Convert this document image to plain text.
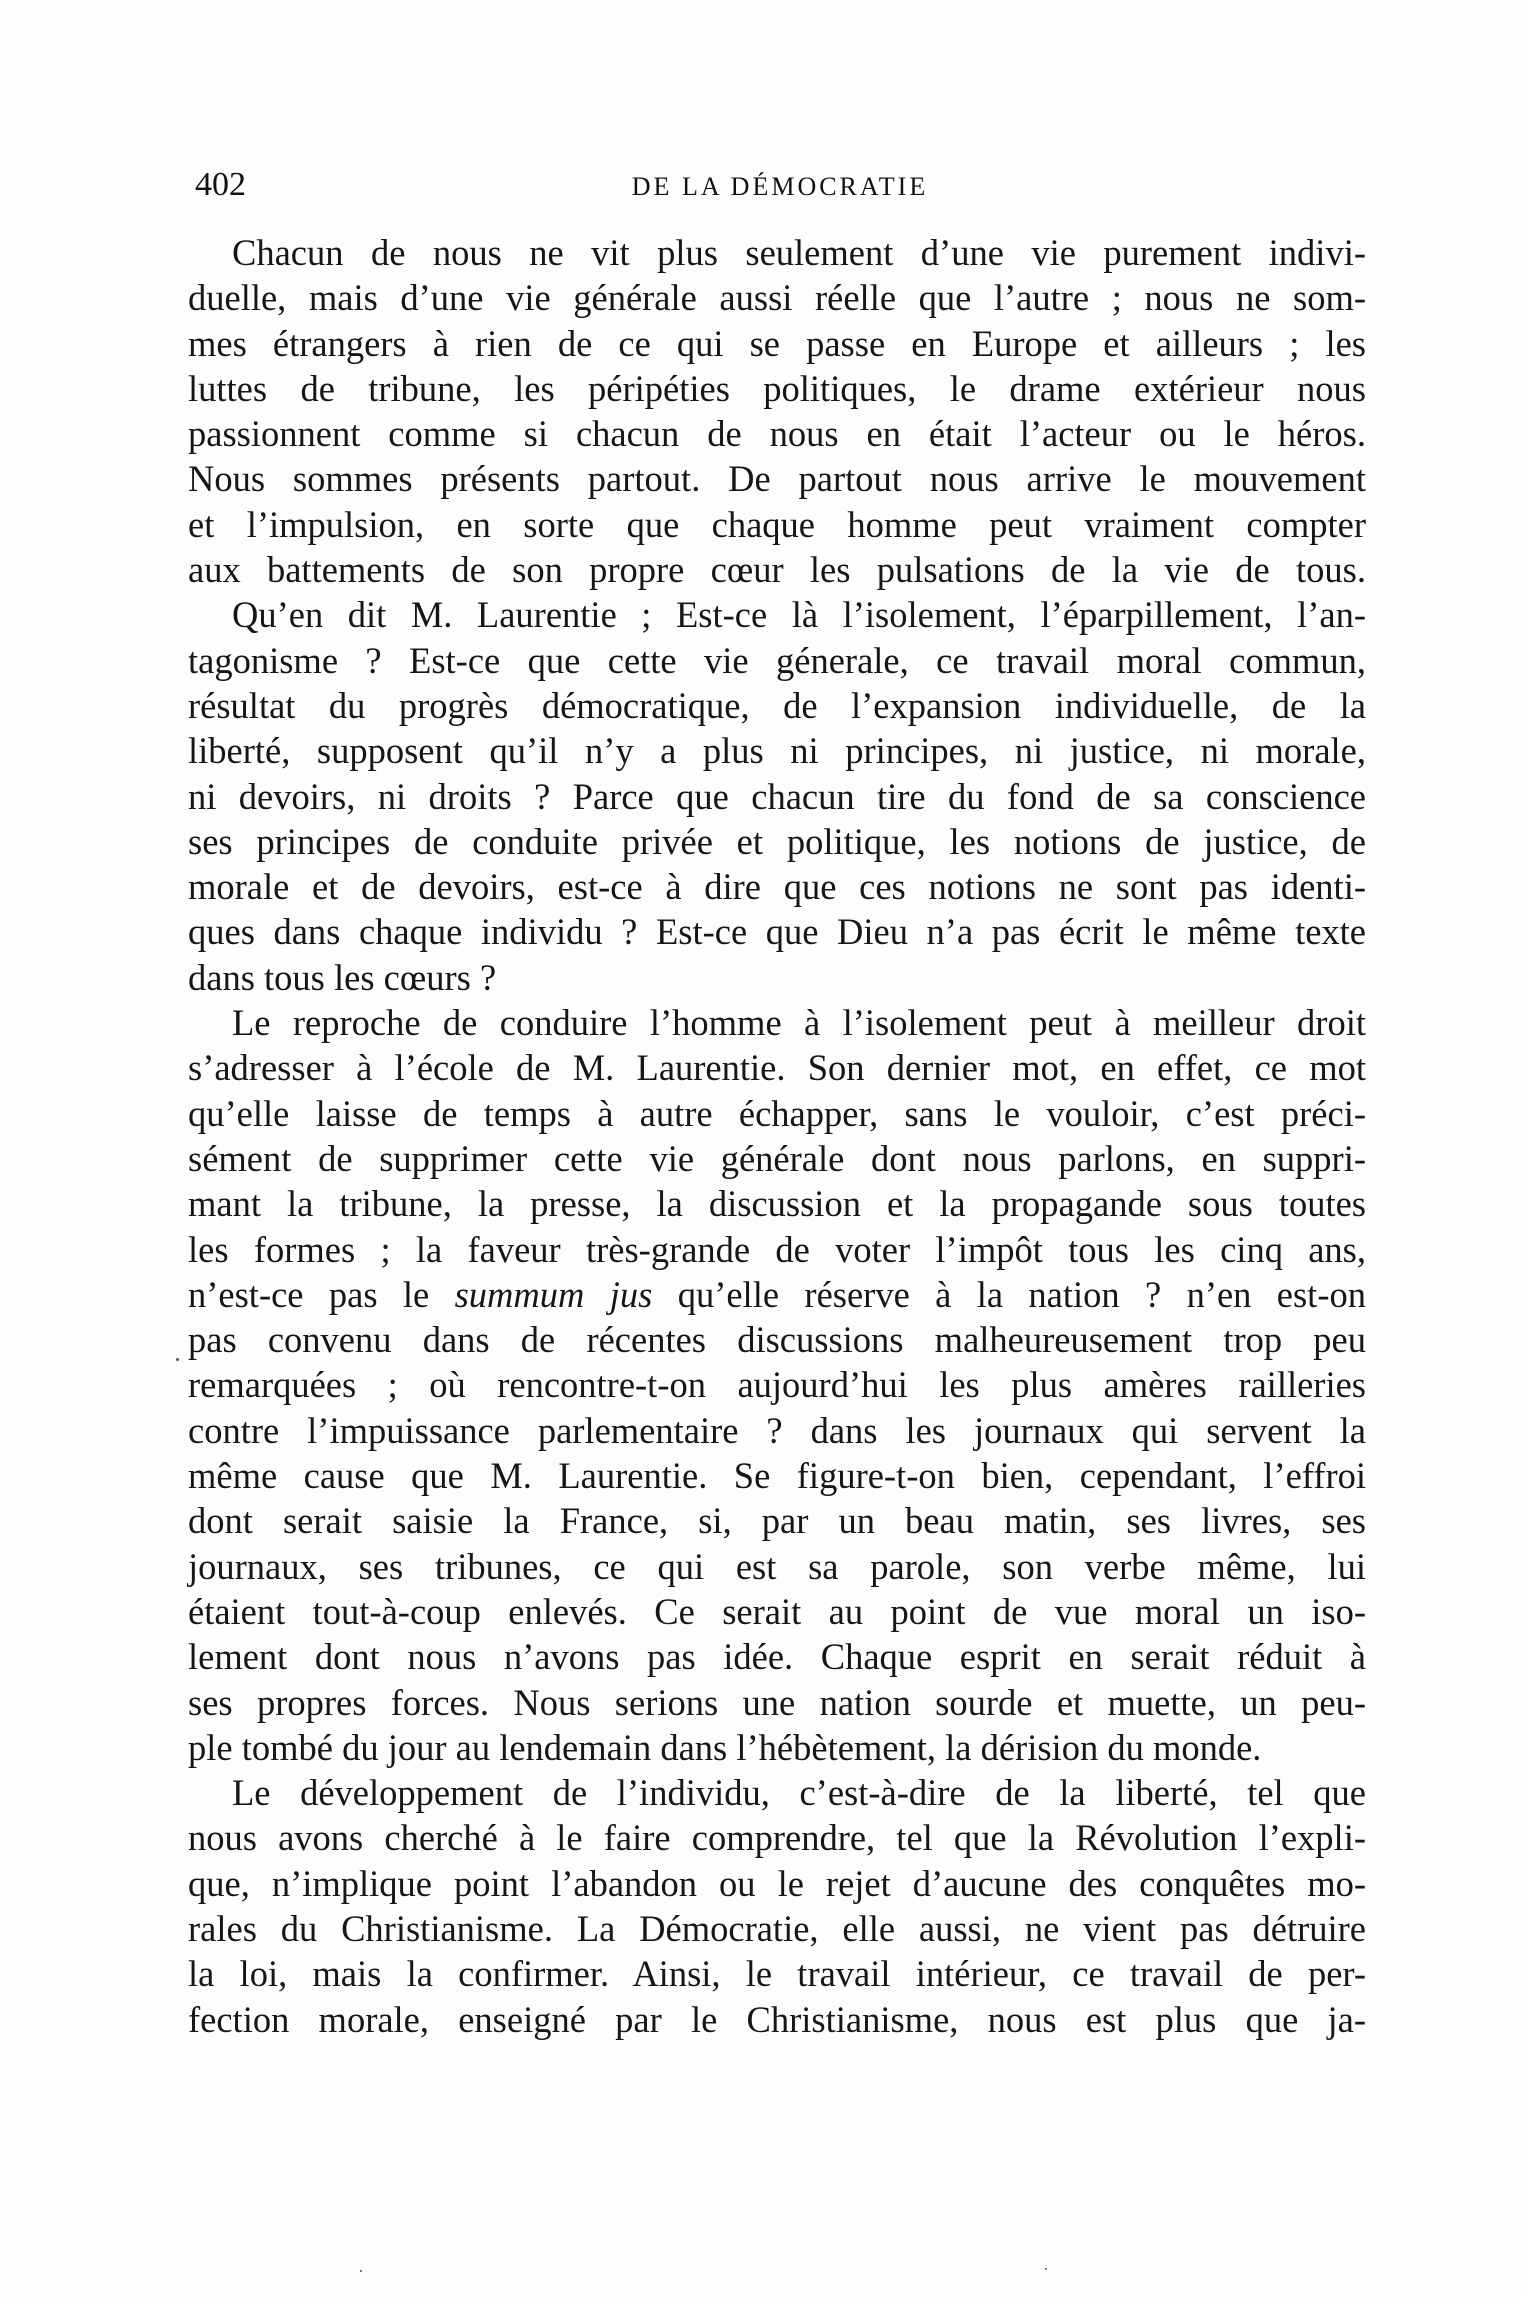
402	DE LA DÉMOCRATIE
Chacun de nous ne vit plus seulement d’une vie purement indivi-
duelle, mais d’une vie générale aussi réelle que l’autre ; nous ne som-
mes étrangers à rien de ce qui se passe en Europe et ailleurs ; les
luttes de tribune, les péripéties politiques, le drame extérieur nous
passionnent comme si chacun de nous en était l’acteur ou le héros.
Nous sommes présents partout. De partout nous arrive le mouvement
et l’impulsion, en sorte que chaque homme peut vraiment compter
aux battements de son propre cœur les pulsations de la vie de tous.
Qu’en dit M. Laurentie ; Est-ce là l’isolement, l’éparpillement, l’an-
tagonisme ? Est-ce que cette vie génerale, ce travail moral commun,
résultat du progrès démocratique, de l’expansion individuelle, de la
liberté, supposent qu’il n’y a plus ni principes, ni justice, ni morale,
ni devoirs, ni droits ? Parce que chacun tire du fond de sa conscience
ses principes de conduite privée et politique, les notions de justice, de
morale et de devoirs, est-ce à dire que ces notions ne sont pas identi-
ques dans chaque individu ? Est-ce que Dieu n’a pas écrit le même texte
dans tous les cœurs ?
Le reproche de conduire l’homme à l’isolement peut à meilleur droit
s’adresser à l’école de M. Laurentie. Son dernier mot, en effet, ce mot
qu’elle laisse de temps à autre échapper, sans le vouloir, c’est préci-
sément de supprimer cette vie générale dont nous parlons, en suppri-
mant la tribune, la presse, la discussion et la propagande sous toutes
les formes ; la faveur très-grande de voter l’impôt tous les cinq ans,
n’est-ce pas le summum jus qu’elle réserve à la nation ? n’en est-on
pas convenu dans de récentes discussions malheureusement trop peu
remarquées ; où rencontre-t-on aujourd’hui les plus amères railleries
contre l’impuissance parlementaire ? dans les journaux qui servent la
même cause que M. Laurentie. Se figure-t-on bien, cependant, l’effroi
dont serait saisie la France, si, par un beau matin, ses livres, ses
journaux, ses tribunes, ce qui est sa parole, son verbe même, lui
étaient tout-à-coup enlevés. Ce serait au point de vue moral un iso-
lement dont nous n’avons pas idée. Chaque esprit en serait réduit à
ses propres forces. Nous serions une nation sourde et muette, un peu-
ple tombé du jour au lendemain dans l’hébètement, la dérision du monde.
Le développement de l’individu, c’est-à-dire de la liberté, tel que
nous avons cherché à le faire comprendre, tel que la Révolution l’expli-
que, n’implique point l’abandon ou le rejet d’aucune des conquêtes mo-
rales du Christianisme. La Démocratie, elle aussi, ne vient pas détruire
la loi, mais la confirmer. Ainsi, le travail intérieur, ce travail de per-
fection morale, enseigné par le Christianisme, nous est plus que ja-
